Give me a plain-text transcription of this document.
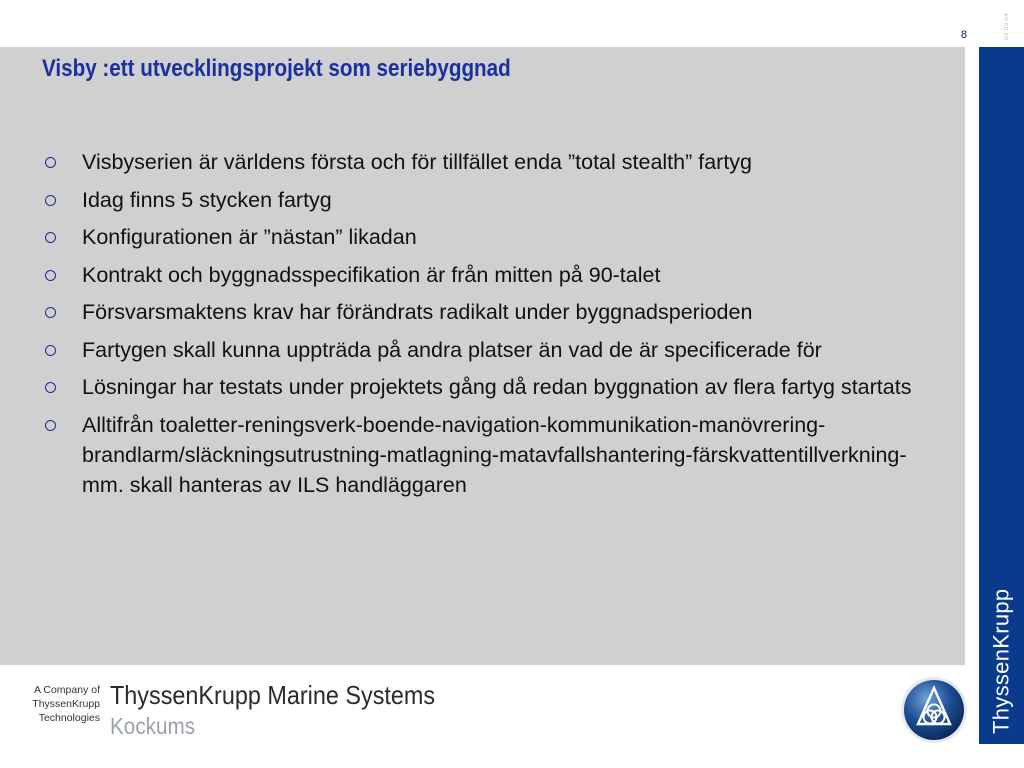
8	05.03.04
Visby :ett utvecklingsprojekt som seriebyggnad
Visbyserien är världens första och för tillfället enda ”total stealth” fartyg
Idag finns 5 stycken fartyg
Konfigurationen är ”nästan” likadan
Kontrakt och byggnadsspecifikation är från mitten på 90-talet
Försvarsmaktens krav har förändrats radikalt under byggnadsperioden
Fartygen skall kunna uppträda på andra platser än vad de är specificerade för
Lösningar har testats under projektets gång då redan byggnation av flera fartyg startats
Alltifrån toaletter-reningsverk-boende-navigation-kommunikation-manövrering-brandlarm/släckningsutrustning-matlagning-matavfallshantering-färskvattentillverkning-mm. skall hanteras av ILS handläggaren
ThyssenKrupp
A Company of
ThyssenKrupp
Technologies
ThyssenKrupp Marine Systems
Kockums
